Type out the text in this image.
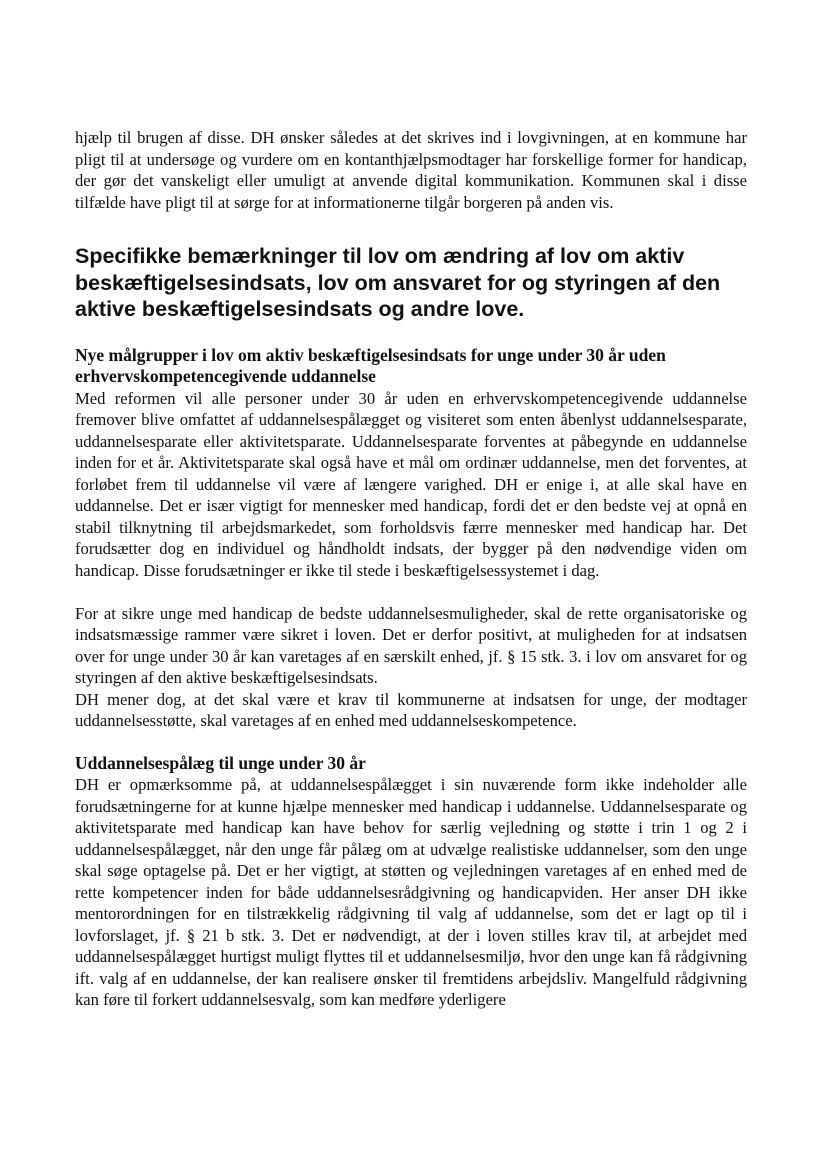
hjælp til brugen af disse. DH ønsker således at det skrives ind i lovgivningen, at en kommune har pligt til at undersøge og vurdere om en kontanthjælpsmodtager har forskellige former for handicap, der gør det vanskeligt eller umuligt at anvende digital kommunikation. Kommunen skal i disse tilfælde have pligt til at sørge for at informationerne tilgår borgeren på anden vis.

Specifikke bemærkninger til lov om ændring af lov om aktiv beskæftigelsesindsats, lov om ansvaret for og styringen af den aktive beskæftigelsesindsats og andre love.
Nye målgrupper i lov om aktiv beskæftigelsesindsats for unge under 30 år uden erhvervskompetencegivende uddannelse

Med reformen vil alle personer under 30 år uden en erhvervskompetencegivende uddannelse fremover blive omfattet af uddannelsespålægget og visiteret som enten åbenlyst uddannelsesparate, uddannelsesparate eller aktivitetsparate. Uddannelsesparate forventes at påbegynde en uddannelse inden for et år. Aktivitetsparate skal også have et mål om ordinær uddannelse, men det forventes, at forløbet frem til uddannelse vil være af længere varighed. DH er enige i, at alle skal have en uddannelse. Det er især vigtigt for mennesker med handicap, fordi det er den bedste vej at opnå en stabil tilknytning til arbejdsmarkedet, som forholdsvis færre mennesker med handicap har. Det forudsætter dog en individuel og håndholdt indsats, der bygger på den nødvendige viden om handicap. Disse forudsætninger er ikke til stede i beskæftigelsessystemet i dag.

For at sikre unge med handicap de bedste uddannelsesmuligheder, skal de rette organisatoriske og indsatsmæssige rammer være sikret i loven. Det er derfor positivt, at muligheden for at indsatsen over for unge under 30 år kan varetages af en særskilt enhed, jf. § 15 stk. 3. i lov om ansvaret for og styringen af den aktive beskæftigelsesindsats.

DH mener dog, at det skal være et krav til kommunerne at indsatsen for unge, der modtager uddannelsesstøtte, skal varetages af en enhed med uddannelseskompetence.

Uddannelsespålæg til unge under 30 år

DH er opmærksomme på, at uddannelsespålægget i sin nuværende form ikke indeholder alle forudsætningerne for at kunne hjælpe mennesker med handicap i uddannelse. Uddannelsesparate og aktivitetsparate med handicap kan have behov for særlig vejledning og støtte i trin 1 og 2 i uddannelsespålægget, når den unge får pålæg om at udvælge realistiske uddannelser, som den unge skal søge optagelse på. Det er her vigtigt, at støtten og vejledningen varetages af en enhed med de rette kompetencer inden for både uddannelsesrådgivning og handicapviden. Her anser DH ikke mentorordningen for en tilstrækkelig rådgivning til valg af uddannelse, som det er lagt op til i lovforslaget, jf. § 21 b stk. 3. Det er nødvendigt, at der i loven stilles krav til, at arbejdet med uddannelsespålægget hurtigst muligt flyttes til et uddannelsesmiljø, hvor den unge kan få rådgivning ift. valg af en uddannelse, der kan realisere ønsker til fremtidens arbejdsliv. Mangelfuld rådgivning kan føre til forkert uddannelsesvalg, som kan medføre yderligere
